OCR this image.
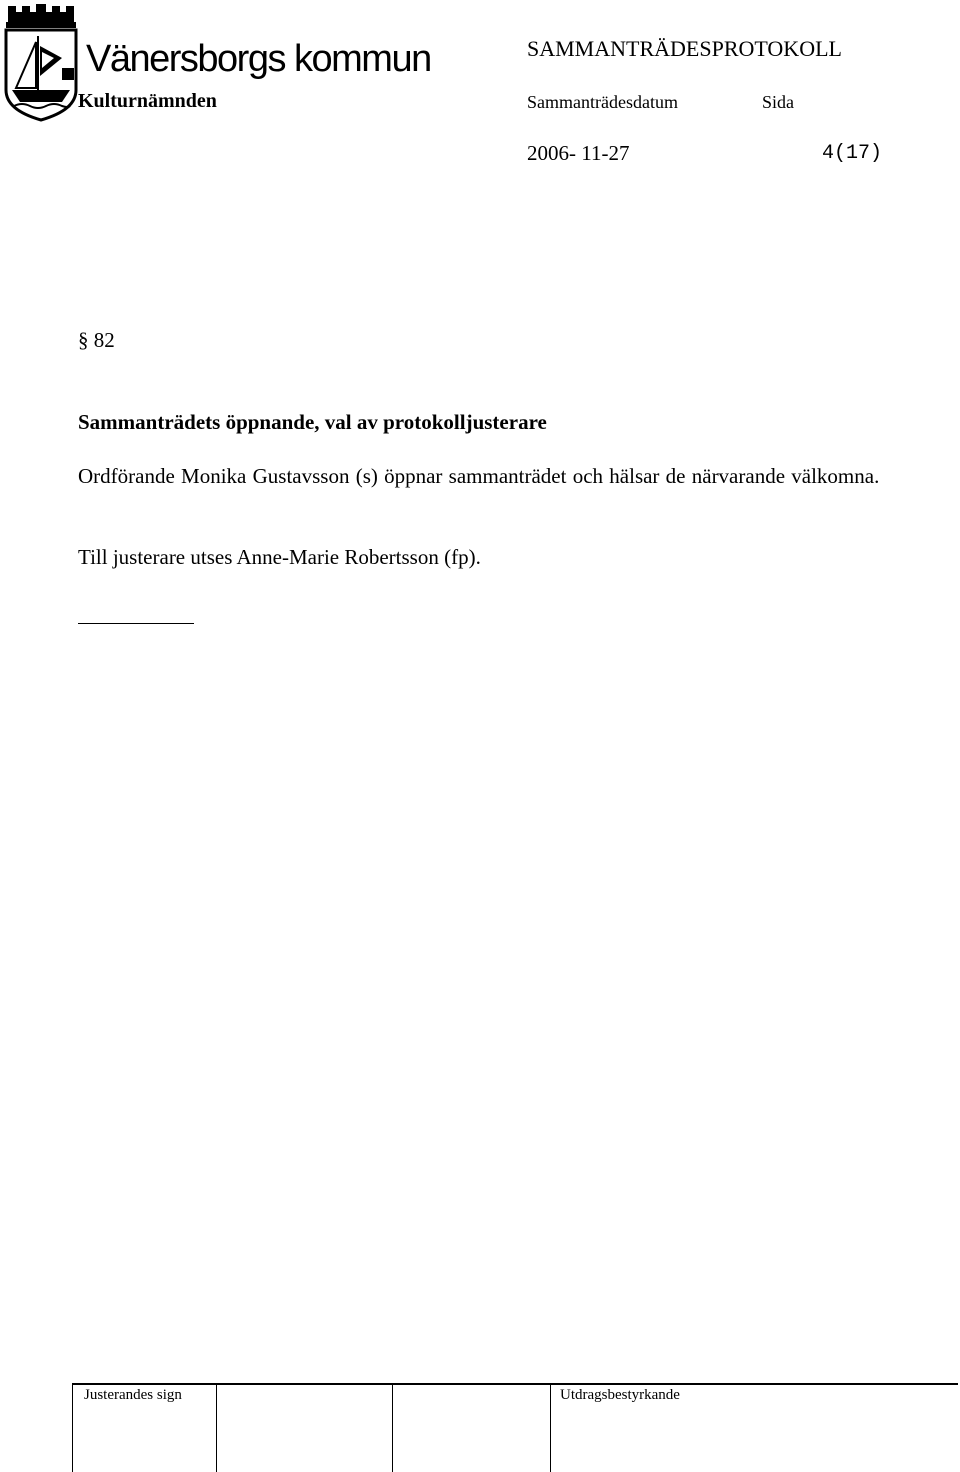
Vänersborgs kommun	SAMMANTRÄDESPROTOKOLL
Kulturnämnden	Sammanträdesdatum	Sida
2006- 11-27	4(17)
§ 82
Sammanträdets öppnande, val av protokolljusterare
Ordförande Monika Gustavsson (s) öppnar sammanträdet och hälsar de närvarande välkomna.
Till justerare utses Anne-Marie Robertsson (fp).
Justerandes sign	Utdragsbestyrkande
